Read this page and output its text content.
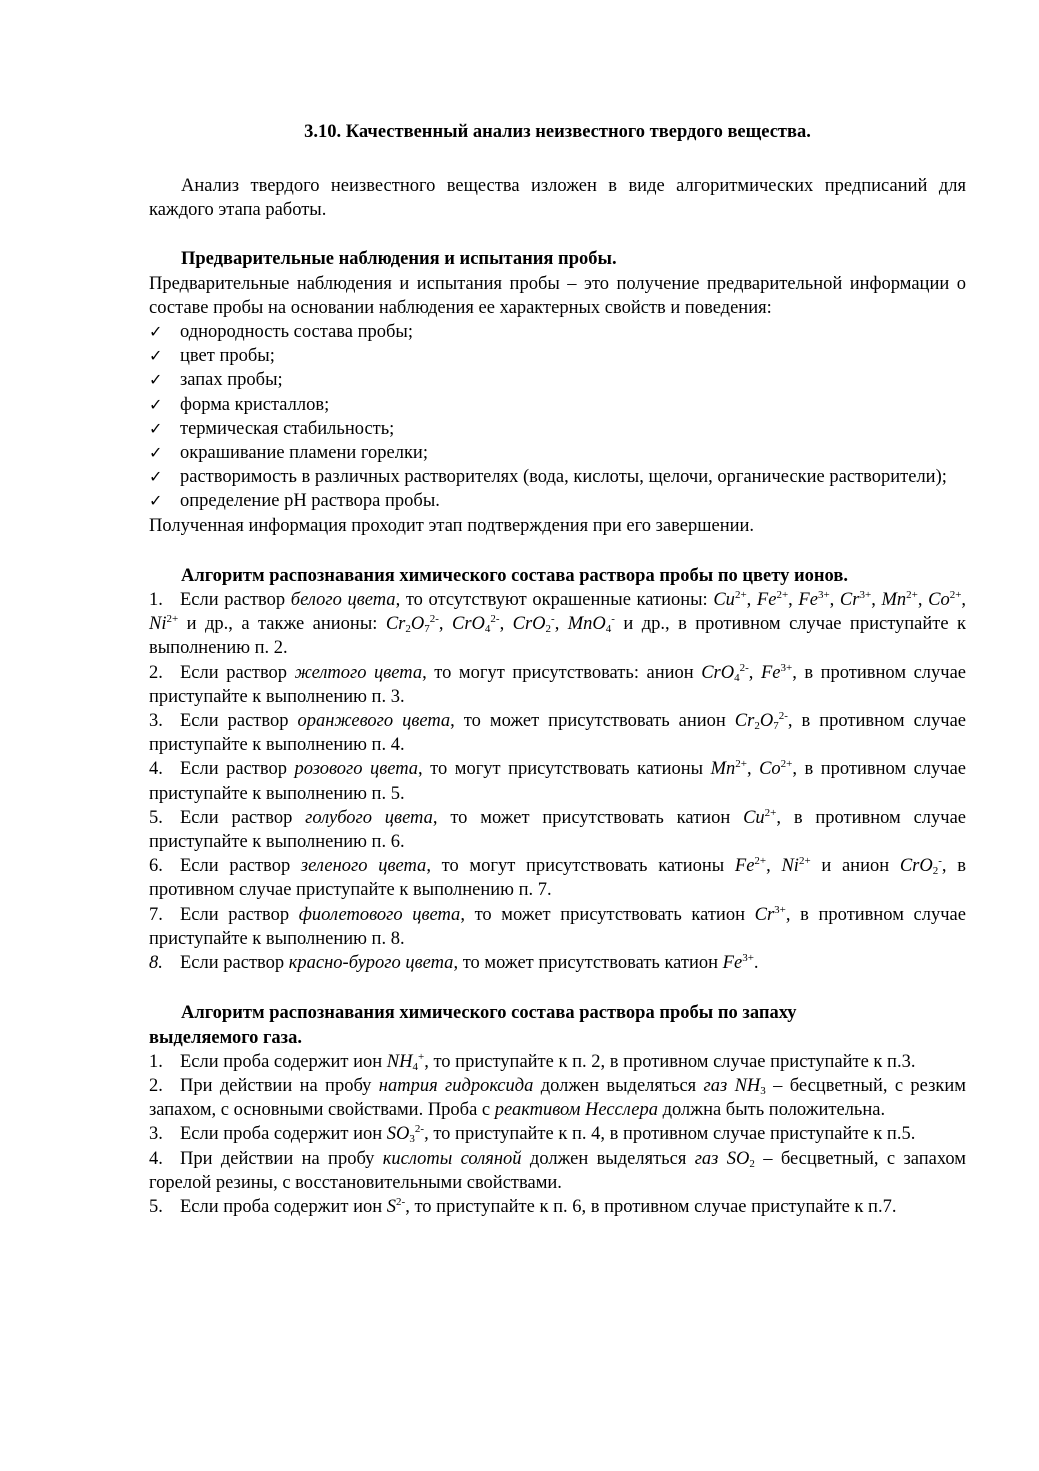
3.10. Качественный анализ неизвестного твердого вещества.

Анализ твердого неизвестного вещества изложен в виде алгоритмических предписаний для каждого этапа работы.

Предварительные наблюдения и испытания пробы.

Предварительные наблюдения и испытания пробы – это получение предварительной информации о составе пробы на основании наблюдения ее характерных свойств и поведения:

✓ однородность состава пробы;
✓ цвет пробы;
✓ запах пробы;
✓ форма кристаллов;
✓ термическая стабильность;
✓ окрашивание пламени горелки;
✓ растворимость в различных растворителях (вода, кислоты, щелочи, органические растворители);
✓ определение pH раствора пробы.

Полученная информация проходит этап подтверждения при его завершении.

Алгоритм распознавания химического состава раствора пробы по цвету ионов.

1. Если раствор белого цвета, то отсутствуют окрашенные катионы: $Cu^{2+}$, $Fe^{2+}$, $Fe^{3+}$, $Cr^{3+}$, $Mn^{2+}$, $Co^{2+}$, $Ni^{2+}$ и др., а также анионы: $Cr_2O_7^{2-}$, CrO$_4^{2-}$, CrO$_2$-, MnO$_4$- и др., в противном случае приступайте к выполнению п. 2.

2. Если раствор желтого цвета, то могут присутствовать: анион CrO$_4^{2-}$, $Fe^{3+}$, в противном случае приступайте к выполнению п. 3.

3. Если раствор оранжевого цвета, то может присутствовать анион $Cr_2O_7^{2-}$, в противном случае приступайте к выполнению п. 4.

4. Если раствор розового цвета, то могут присутствовать катионы $Mn^{2+}$, $Co^{2+}$, в противном случае приступайте к выполнению п. 5.

5. Если раствор голубого цвета, то может присутствовать катион $Cu^{2+}$, в противном случае приступайте к выполнению п. 6.

6. Если раствор зеленого цвета, то могут присутствовать катионы $Fe^{2+}$, $Ni^{2+}$ и анион CrO$_2$-, в противном случае приступайте к выполнению п. 7.

7. Если раствор фиолетового цвета, то может присутствовать катион $Cr^{3+}$, в противном случае приступайте к выполнению п. 8.

8. Если раствор красно-бурого цвета, то может присутствовать катион $Fe^{3+}$.

Алгоритм распознавания химического состава раствора пробы по запаху

выделяемого газа.

1. Если проба содержит ион $NH_4^+$, то приступайте к п. 2, в противном случае приступайте к п.3.

2. При действии на пробу натрия гидроксида должен выделяться газ $NH_3$ – бесцветный, с резким запахом, с основными свойствами. Проба с реактивом Несслера должна быть положительна.

3. Если проба содержит ион $SO_3^{2-}$, то приступайте к п. 4, в противном случае приступайте к п.5.

4. При действии на пробу кислоты соляной должен выделяться газ $SO_2$ – бесцветный, с запахом горелой резины, с восстановительными свойствами.

5. Если проба содержит ион $S^{2-}$, то приступайте к п. 6, в противном случае приступайте к п.7.
